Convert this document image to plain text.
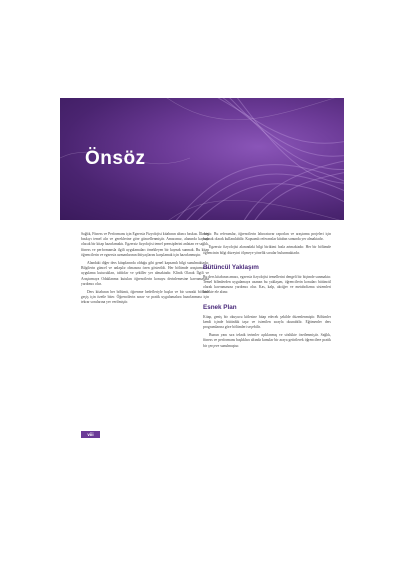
Önsöz

Sağlık, Fitness ve Performans için Egzersiz Fizyolojisi kitabının altıncı baskısı. İlk beş baskıyı temel alır ve gereklerine göre güncellenmiştir. Amacımız, alanında kaynak olacak bir kitap hazırlamaktı. Egzersiz fizyolojisi temel prensiplerini anlatan ve sağlık, fitness ve performansla ilgili uygulamaları örnekleyen bir kaynak sunmak. Bu kitap öğrencilerin ve egzersiz uzmanlarının ihtiyaçlarını karşılamak için hazırlanmıştır.

Alandaki diğer ders kitaplarında olduğu gibi genel kapsamlı bilgi sunulmaktadır. Bilgilerin güncel ve anlaşılır olmasına özen gösterildi. Her bölümde araştırma ve uygulama kutucukları, tablolar ve şekiller yer almaktadır. Klinik Olarak İlgili ve Araştırmaya Odaklanma kutuları öğrencilerin konuyu derinlemesine kavramasına yardımcı olur.

Ders kitabının her bölümü, öğrenme hedefleriyle başlar ve bir sonraki bölüme geçiş için özetle biter. Öğrencilerin sınav ve pratik uygulamalara hazırlanması için tekrar sorularına yer verilmiştir.

miştir. Bu referanslar, öğrencilerin laboratuvar raporları ve araştırma projeleri için kaynak olarak kullanılabilir. Kapsamlı referanslar kitabın sonunda yer almaktadır.

Egzersiz fizyolojisi alanındaki bilgi birikimi hızla artmaktadır. Her bir bölümde öğrencinin bilgi düzeyini ölçmeye yönelik sorular bulunmaktadır.

Bütüncül Yaklaşım

Bu ders kitabının amacı, egzersiz fizyolojisi temellerini dengeli bir biçimde sunmaktır. Temel bilimlerden uygulamaya uzanan bu yaklaşım, öğrencilerin konuları bütüncül olarak kavramasına yardımcı olur. Kas, kalp, akciğer ve metabolizma sistemleri birlikte ele alınır.

Esnek Plan

Kitap, geniş bir okuyucu kitlesine hitap edecek şekilde düzenlenmiştir. Bölümler kendi içinde bütünlük taşır ve istenilen sırayla okunabilir. Eğitmenler ders programlarına göre bölümleri seçebilir.

Bunun yanı sıra teknik terimler açıklanmış ve sözlükte özetlenmiştir. Sağlık, fitness ve performans başlıkları altında konular bir araya getirilerek öğrencilere pratik bir çerçeve sunulmuştur.

viii
